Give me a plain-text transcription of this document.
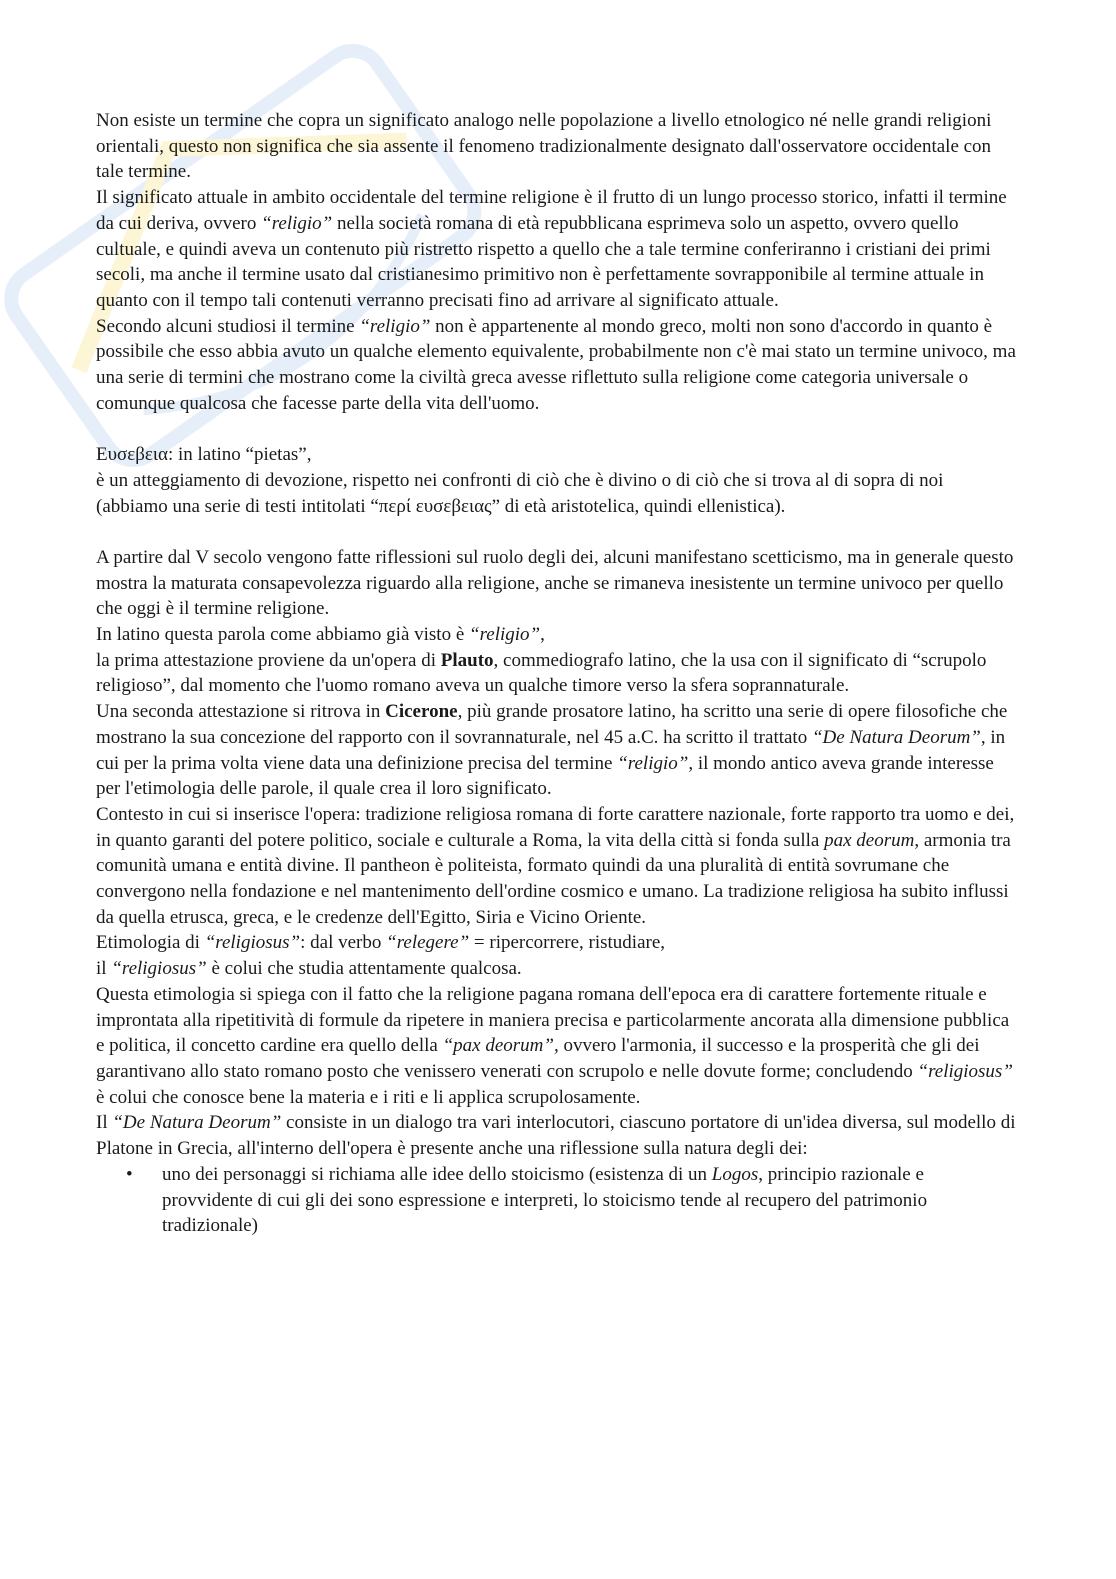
Non esiste un termine che copra un significato analogo nelle popolazione a livello etnologico né nelle grandi religioni orientali, questo non significa che sia assente il fenomeno tradizionalmente designato dall'osservatore occidentale con tale termine.

Il significato attuale in ambito occidentale del termine religione è il frutto di un lungo processo storico, infatti il termine da cui deriva, ovvero “religio” nella società romana di età repubblicana esprimeva solo un aspetto, ovvero quello cultuale, e quindi aveva un contenuto più ristretto rispetto a quello che a tale termine conferiranno i cristiani dei primi secoli, ma anche il termine usato dal cristianesimo primitivo non è perfettamente sovrapponibile al termine attuale in quanto con il tempo tali contenuti verranno precisati fino ad arrivare al significato attuale.

Secondo alcuni studiosi il termine “religio” non è appartenente al mondo greco, molti non sono d'accordo in quanto è possibile che esso abbia avuto un qualche elemento equivalente, probabilmente non c'è mai stato un termine univoco, ma una serie di termini che mostrano come la civiltà greca avesse riflettuto sulla religione come categoria universale o comunque qualcosa che facesse parte della vita dell'uomo.

Ευσεβεια: in latino “pietas”,

è un atteggiamento di devozione, rispetto nei confronti di ciò che è divino o di ciò che si trova al di sopra di noi (abbiamo una serie di testi intitolati “περί ευσεβειας” di età aristotelica, quindi ellenistica).

A partire dal V secolo vengono fatte riflessioni sul ruolo degli dei, alcuni manifestano scetticismo, ma in generale questo mostra la maturata consapevolezza riguardo alla religione, anche se rimaneva inesistente un termine univoco per quello che oggi è il termine religione.

In latino questa parola come abbiamo già visto è “religio”,

la prima attestazione proviene da un'opera di Plauto, commediografo latino, che la usa con il significato di “scrupolo religioso”, dal momento che l'uomo romano aveva un qualche timore verso la sfera soprannaturale.

Una seconda attestazione si ritrova in Cicerone, più grande prosatore latino, ha scritto una serie di opere filosofiche che mostrano la sua concezione del rapporto con il sovrannaturale, nel 45 a.C. ha scritto il trattato “De Natura Deorum”, in cui per la prima volta viene data una definizione precisa del termine “religio”, il mondo antico aveva grande interesse per l'etimologia delle parole, il quale crea il loro significato.

Contesto in cui si inserisce l'opera: tradizione religiosa romana di forte carattere nazionale, forte rapporto tra uomo e dei, in quanto garanti del potere politico, sociale e culturale a Roma, la vita della città si fonda sulla pax deorum, armonia tra comunità umana e entità divine. Il pantheon è politeista, formato quindi da una pluralità di entità sovrumane che convergono nella fondazione e nel mantenimento dell'ordine cosmico e umano. La tradizione religiosa ha subito influssi da quella etrusca, greca, e le credenze dell'Egitto, Siria e Vicino Oriente.

Etimologia di “religiosus”: dal verbo “relegere” = ripercorrere, ristudiare,

il “religiosus” è colui che studia attentamente qualcosa.

Questa etimologia si spiega con il fatto che la religione pagana romana dell'epoca era di carattere fortemente rituale e improntata alla ripetitività di formule da ripetere in maniera precisa e particolarmente ancorata alla dimensione pubblica e politica, il concetto cardine era quello della “pax deorum”, ovvero l'armonia, il successo e la prosperità che gli dei garantivano allo stato romano posto che venissero venerati con scrupolo e nelle dovute forme; concludendo “religiosus” è colui che conosce bene la materia e i riti e li applica scrupolosamente.

Il “De Natura Deorum” consiste in un dialogo tra vari interlocutori, ciascuno portatore di un'idea diversa, sul modello di Platone in Grecia, all'interno dell'opera è presente anche una riflessione sulla natura degli dei:

• uno dei personaggi si richiama alle idee dello stoicismo (esistenza di un Logos, principio razionale e provvidente di cui gli dei sono espressione e interpreti, lo stoicismo tende al recupero del patrimonio tradizionale)
